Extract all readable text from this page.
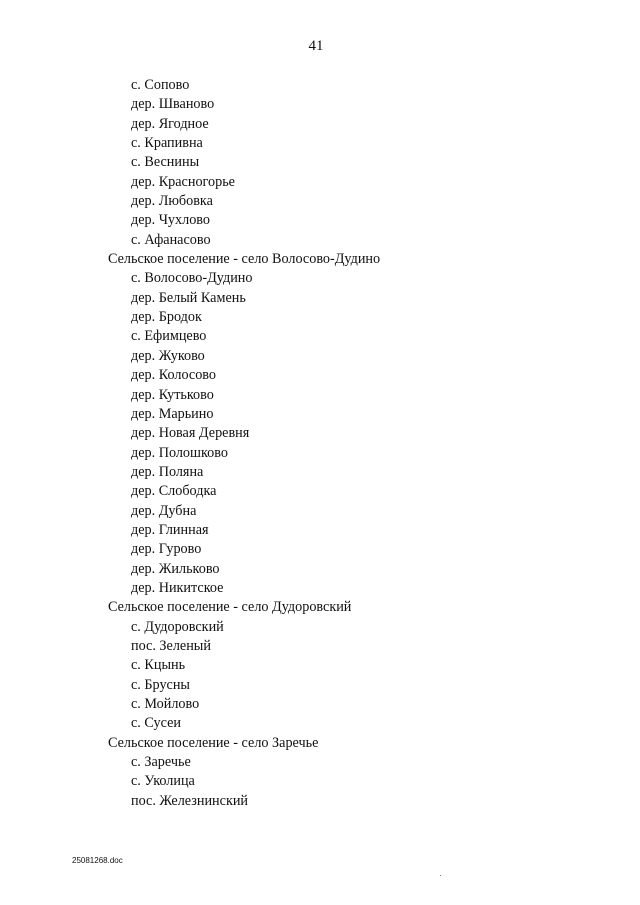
41
с. Сопово
дер. Шваново
дер. Ягодное
с. Крапивна
с. Веснины
дер. Красногорье
дер. Любовка
дер. Чухлово
с. Афанасово
Сельское поселение - село Волосово-Дудино
с. Волосово-Дудино
дер. Белый Камень
дер. Бродок
с. Ефимцево
дер. Жуково
дер. Колосово
дер. Кутьково
дер. Марьино
дер. Новая Деревня
дер. Полошково
дер. Поляна
дер. Слободка
дер. Дубна
дер. Глинная
дер. Гурово
дер. Жильково
дер. Никитское
Сельское поселение - село Дудоровский
с. Дудоровский
пос. Зеленый
с. Кцынь
с. Брусны
с. Мойлово
с. Сусеи
Сельское поселение - село Заречье
с. Заречье
с. Уколица
пос. Железнинский
25081268.doc
